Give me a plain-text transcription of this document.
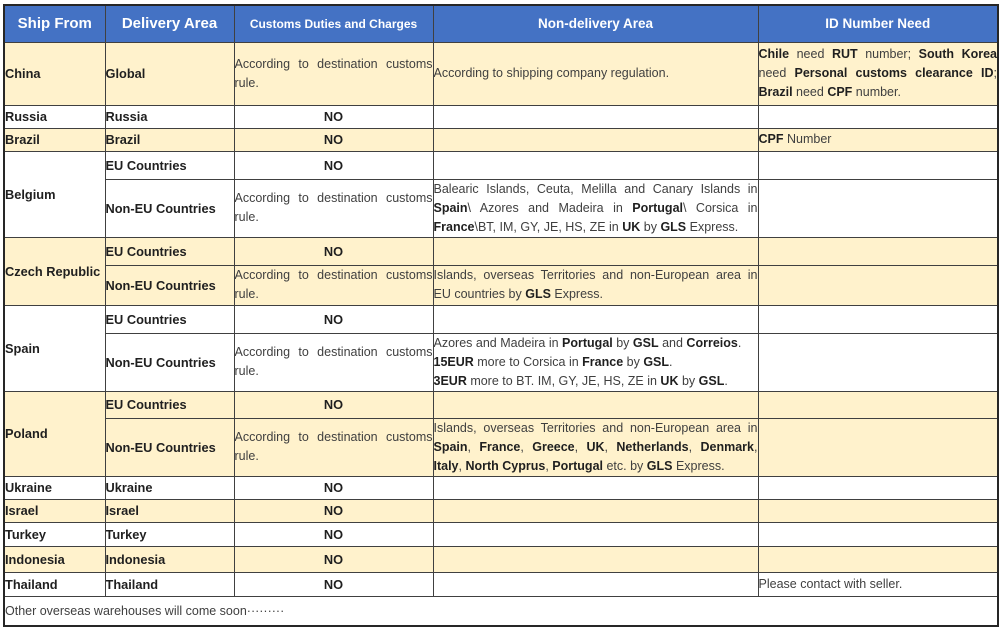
Ship From	Delivery Area	Customs Duties and Charges	Non-delivery Area	ID Number Need
China	Global	According to destination customs rule.	According to shipping company regulation.	Chile need RUT number; South Korea need Personal customs clearance ID; Brazil need CPF number.

Russia	Russia	NO		
Brazil	Brazil	NO		CPF Number

Belgium	EU Countries	NO		
	Non-EU Countries	According to destination customs rule.	Balearic Islands, Ceuta, Melilla and Canary Islands in Spain\ Azores and Madeira in Portugal\ Corsica in France\BT, IM, GY, JE, HS, ZE in UK by GLS Express.	

Czech Republic	EU Countries	NO		
	Non-EU Countries	According to destination customs rule.	Islands, overseas Territories and non-European area in EU countries by GLS Express.	

Spain	EU Countries	NO		
	Non-EU Countries	According to destination customs rule.	Azores and Madeira in Portugal by GSL and Correios.
15EUR more to Corsica in France by GSL.
3EUR more to BT. IM, GY, JE, HS, ZE in UK by GSL.	

Poland	EU Countries	NO		
	Non-EU Countries	According to destination customs rule.	Islands, overseas Territories and non-European area in Spain, France, Greece, UK, Netherlands, Denmark, Italy, North Cyprus, Portugal etc. by GLS Express.	

Ukraine	Ukraine	NO		
Israel	Israel	NO		
Turkey	Turkey	NO		
Indonesia	Indonesia	NO		
Thailand	Thailand	NO		Please contact with seller.

Other overseas warehouses will come soon·········				
